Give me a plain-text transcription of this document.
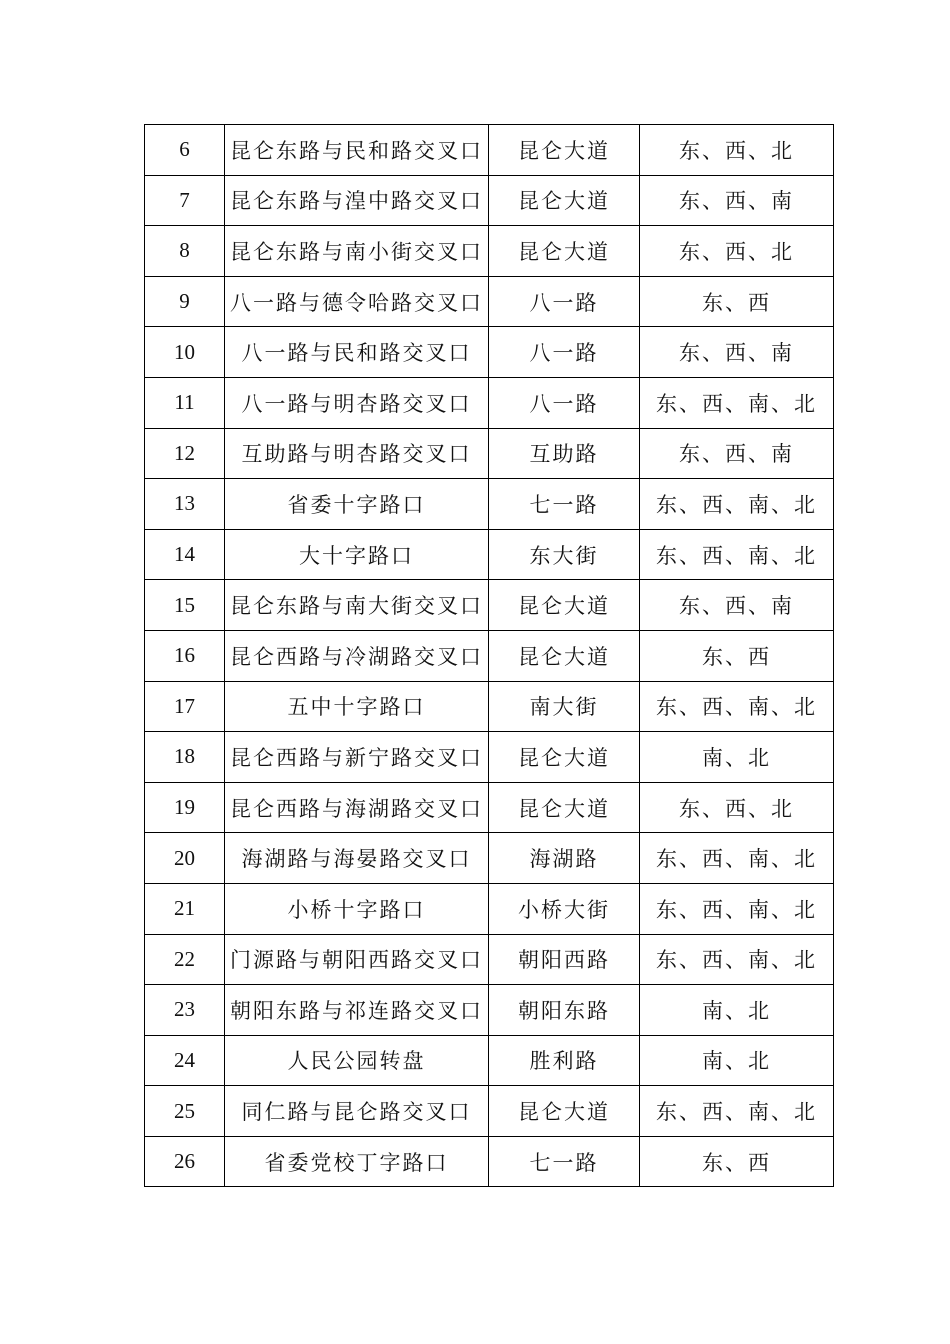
6	昆仑东路与民和路交叉口	昆仑大道	东、西、北
7	昆仑东路与湟中路交叉口	昆仑大道	东、西、南
8	昆仑东路与南小街交叉口	昆仑大道	东、西、北
9	八一路与德令哈路交叉口	八一路	东、西
10	八一路与民和路交叉口	八一路	东、西、南
11	八一路与明杏路交叉口	八一路	东、西、南、北
12	互助路与明杏路交叉口	互助路	东、西、南
13	省委十字路口	七一路	东、西、南、北
14	大十字路口	东大街	东、西、南、北
15	昆仑东路与南大街交叉口	昆仑大道	东、西、南
16	昆仑西路与冷湖路交叉口	昆仑大道	东、西
17	五中十字路口	南大街	东、西、南、北
18	昆仑西路与新宁路交叉口	昆仑大道	南、北
19	昆仑西路与海湖路交叉口	昆仑大道	东、西、北
20	海湖路与海晏路交叉口	海湖路	东、西、南、北
21	小桥十字路口	小桥大街	东、西、南、北
22	门源路与朝阳西路交叉口	朝阳西路	东、西、南、北
23	朝阳东路与祁连路交叉口	朝阳东路	南、北
24	人民公园转盘	胜利路	南、北
25	同仁路与昆仑路交叉口	昆仑大道	东、西、南、北
26	省委党校丁字路口	七一路	东、西
